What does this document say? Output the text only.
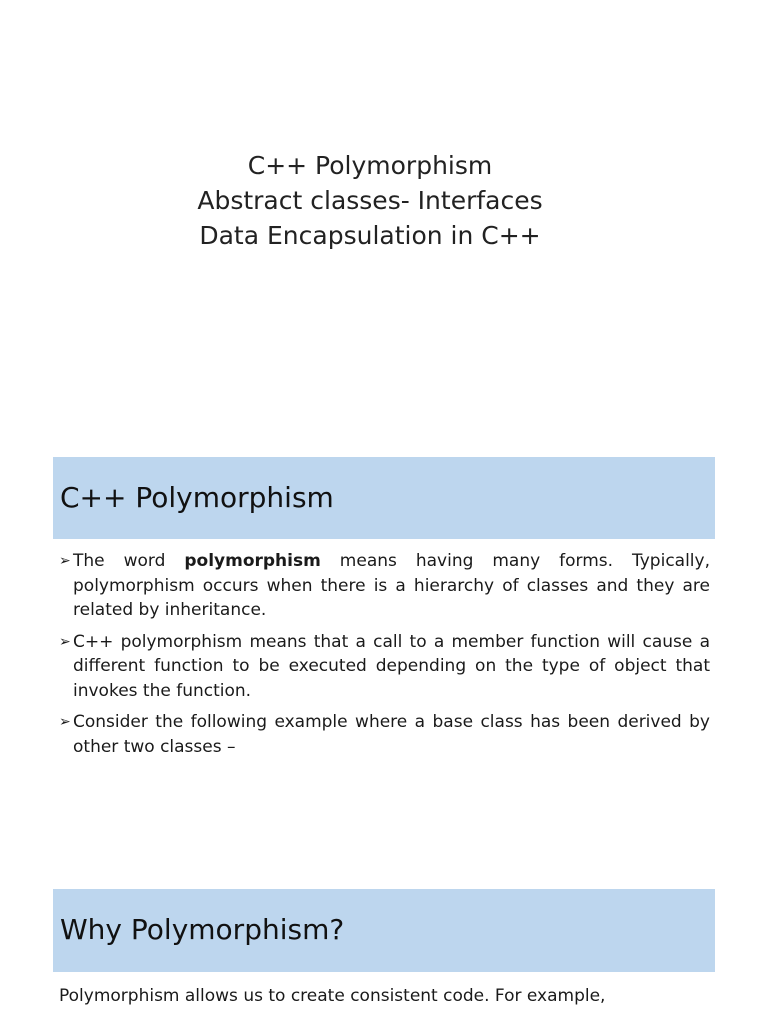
C++ Polymorphism
Abstract classes- Interfaces
Data Encapsulation in C++
C++ Polymorphism
➢ The word polymorphism means having many forms. Typically, polymorphism occurs when there is a hierarchy of classes and they are related by inheritance.
➢ C++ polymorphism means that a call to a member function will cause a different function to be executed depending on the type of object that invokes the function.
➢ Consider the following example where a base class has been derived by other two classes –
Why Polymorphism?
Polymorphism allows us to create consistent code. For example,
